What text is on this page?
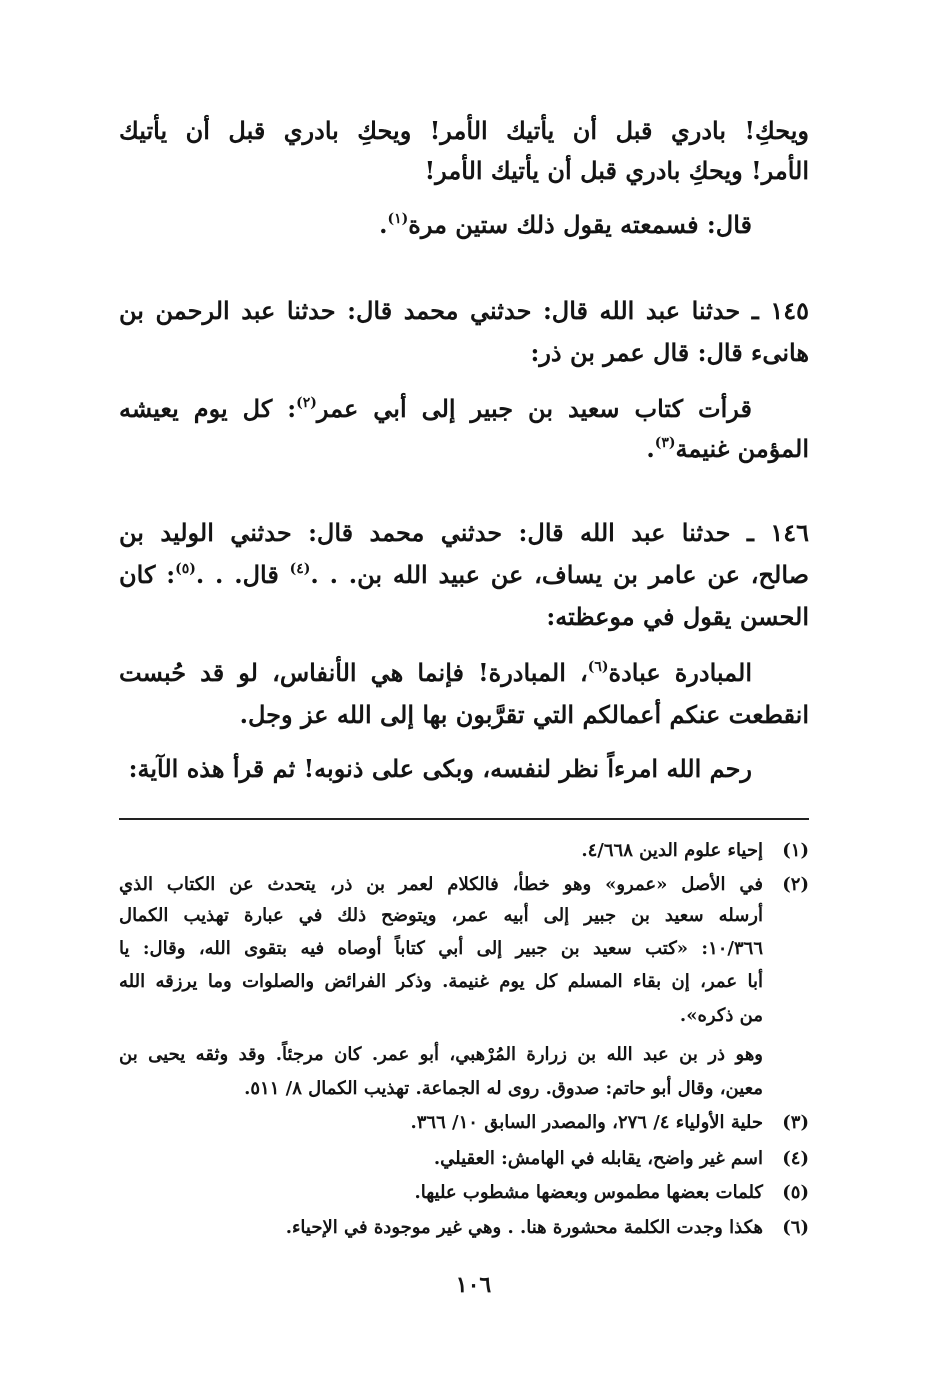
ويحكِ! بادري قبل أن يأتيك الأمر! ويحكِ بادري قبل أن يأتيك
الأمر! ويحكِ بادري قبل أن يأتيك الأمر!
قال: فسمعته يقول ذلك ستين مرة$^{(١)}$.
١٤٥ ـ حدثنا عبد الله قال: حدثني محمد قال: حدثنا عبد الرحمن بن
هانىء قال: قال عمر بن ذر:
قرأت كتاب سعيد بن جبير إلى أبي عمر$^{(٢)}$: كل يوم يعيشه
المؤمن غنيمة$^{(٣)}$.
١٤٦ ـ حدثنا عبد الله قال: حدثني محمد قال: حدثني الوليد بن
صالح، عن عامر بن يساف، عن عبيد الله بن. . .$^{(٤)}$ قال. . .$^{(٥)}$: كان
الحسن يقول في موعظته:
المبادرة عبادة$^{(٦)}$، المبادرة! فإنما هي الأنفاس، لو قد حُبست
انقطعت عنكم أعمالكم التي تقرَّبون بها إلى الله عز وجل.
رحم الله امرءاً نظر لنفسه، وبكى على ذنوبه! ثم قرأ هذه الآية:
(١)إحياء علوم الدين ٤/٦٦٨.
(٢)في الأصل «عمرو» وهو خطأ، فالكلام لعمر بن ذر، يتحدث عن الكتاب الذي
أرسله سعيد بن جبير إلى أبيه عمر، ويتوضح ذلك في عبارة تهذيب الكمال
١٠/٣٦٦: «كتب سعيد بن جبير إلى أبي كتاباً أوصاه فيه بتقوى الله، وقال: يا
أبا عمر، إن بقاء المسلم كل يوم غنيمة. وذكر الفرائض والصلوات وما يرزقه الله
من ذكره».
وهو ذر بن عبد الله بن زرارة المُرْهبي، أبو عمر. كان مرجئاً. وقد وثقه يحيى بن
معين، وقال أبو حاتم: صدوق. روى له الجماعة. تهذيب الكمال ٨/ ٥١١.
(٣)حلية الأولياء ٤/ ٢٧٦، والمصدر السابق ١٠/ ٣٦٦.
(٤)اسم غير واضح، يقابله في الهامش: العقيلي.
(٥)كلمات بعضها مطموس وبعضها مشطوب عليها.
(٦)هكذا وجدت الكلمة محشورة هنا. . وهي غير موجودة في الإحياء.
١٠٦
